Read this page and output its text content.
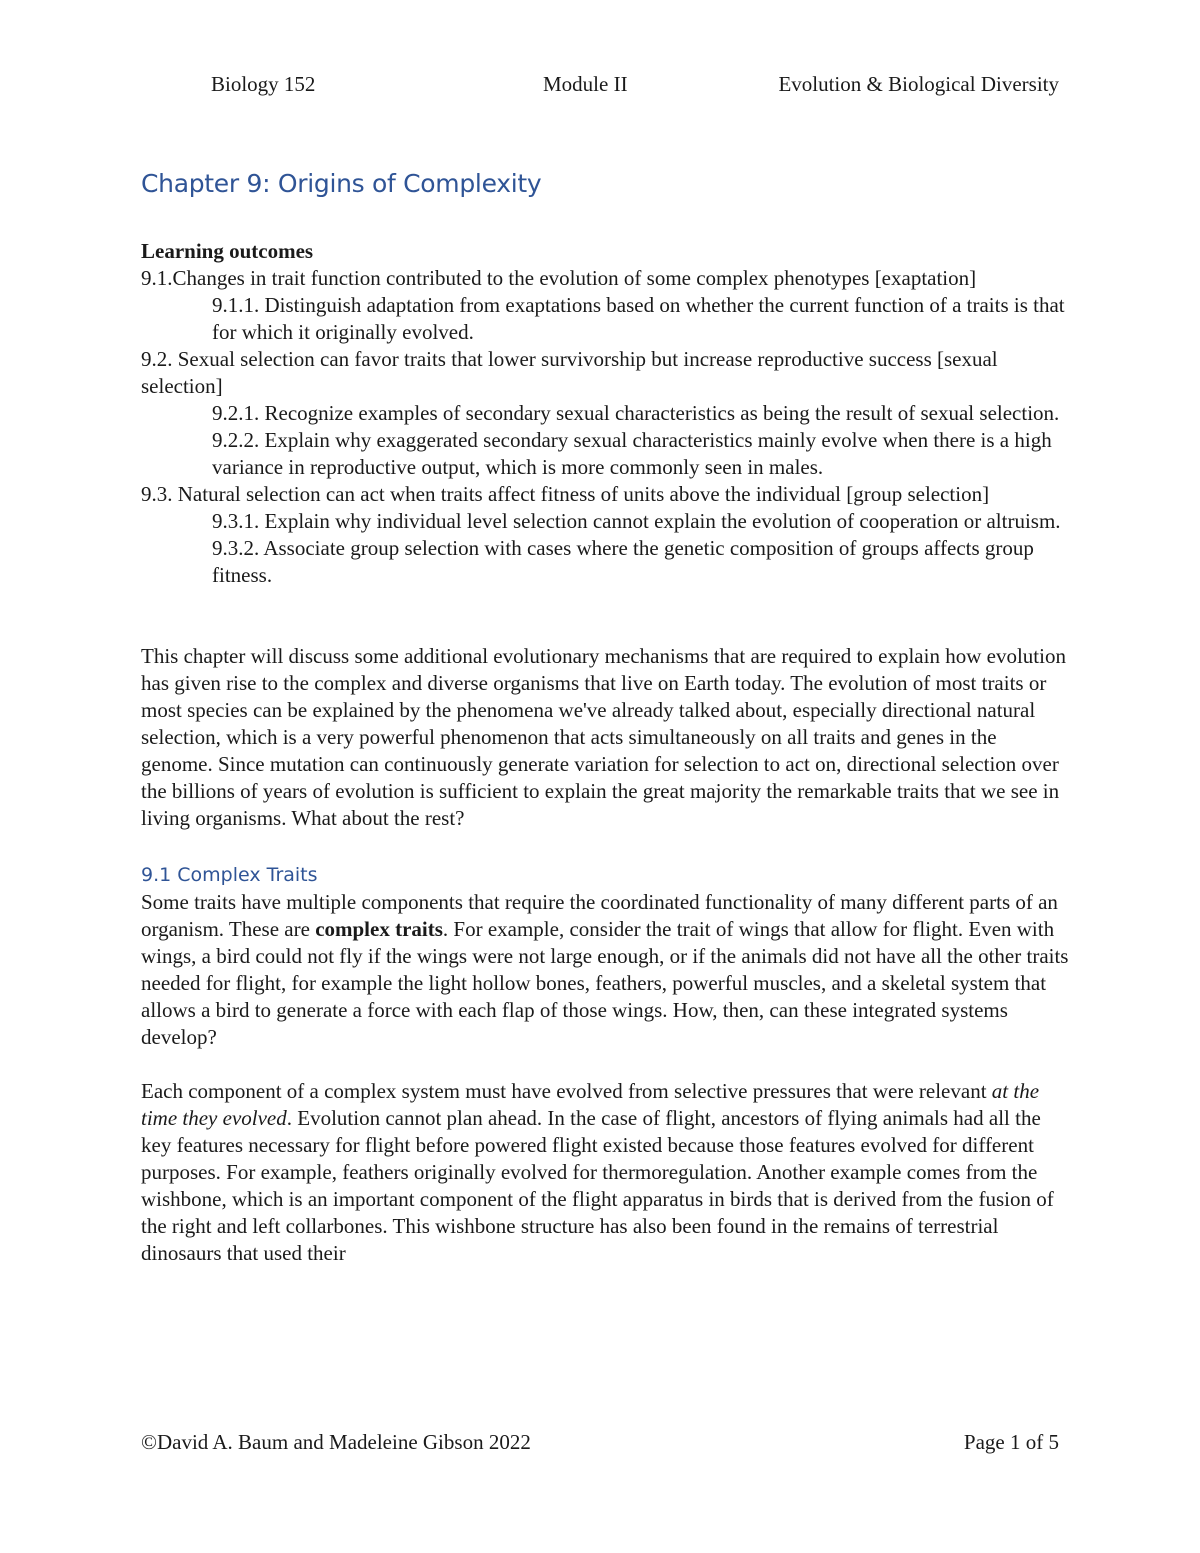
Biology 152	Module II	Evolution & Biological Diversity
Chapter 9: Origins of Complexity

Learning outcomes

9.1.Changes in trait function contributed to the evolution of some complex phenotypes [exaptation]

9.1.1. Distinguish adaptation from exaptations based on whether the current function of a traits is that for which it originally evolved.

9.2. Sexual selection can favor traits that lower survivorship but increase reproductive success [sexual selection]

9.2.1. Recognize examples of secondary sexual characteristics as being the result of sexual selection.

9.2.2. Explain why exaggerated secondary sexual characteristics mainly evolve when there is a high variance in reproductive output, which is more commonly seen in males.

9.3. Natural selection can act when traits affect fitness of units above the individual [group selection]

9.3.1. Explain why individual level selection cannot explain the evolution of cooperation or altruism.

9.3.2. Associate group selection with cases where the genetic composition of groups affects group fitness.

This chapter will discuss some additional evolutionary mechanisms that are required to explain how evolution has given rise to the complex and diverse organisms that live on Earth today. The evolution of most traits or most species can be explained by the phenomena we've already talked about, especially directional natural selection, which is a very powerful phenomenon that acts simultaneously on all traits and genes in the genome. Since mutation can continuously generate variation for selection to act on, directional selection over the billions of years of evolution is sufficient to explain the great majority the remarkable traits that we see in living organisms. What about the rest?

9.1 Complex Traits

Some traits have multiple components that require the coordinated functionality of many different parts of an organism. These are complex traits. For example, consider the trait of wings that allow for flight. Even with wings, a bird could not fly if the wings were not large enough, or if the animals did not have all the other traits needed for flight, for example the light hollow bones, feathers, powerful muscles, and a skeletal system that allows a bird to generate a force with each flap of those wings. How, then, can these integrated systems develop?

Each component of a complex system must have evolved from selective pressures that were relevant at the time they evolved. Evolution cannot plan ahead. In the case of flight, ancestors of flying animals had all the key features necessary for flight before powered flight existed because those features evolved for different purposes. For example, feathers originally evolved for thermoregulation. Another example comes from the wishbone, which is an important component of the flight apparatus in birds that is derived from the fusion of the right and left collarbones. This wishbone structure has also been found in the remains of terrestrial dinosaurs that used their

©David A. Baum and Madeleine Gibson 2022	Page 1 of 5
